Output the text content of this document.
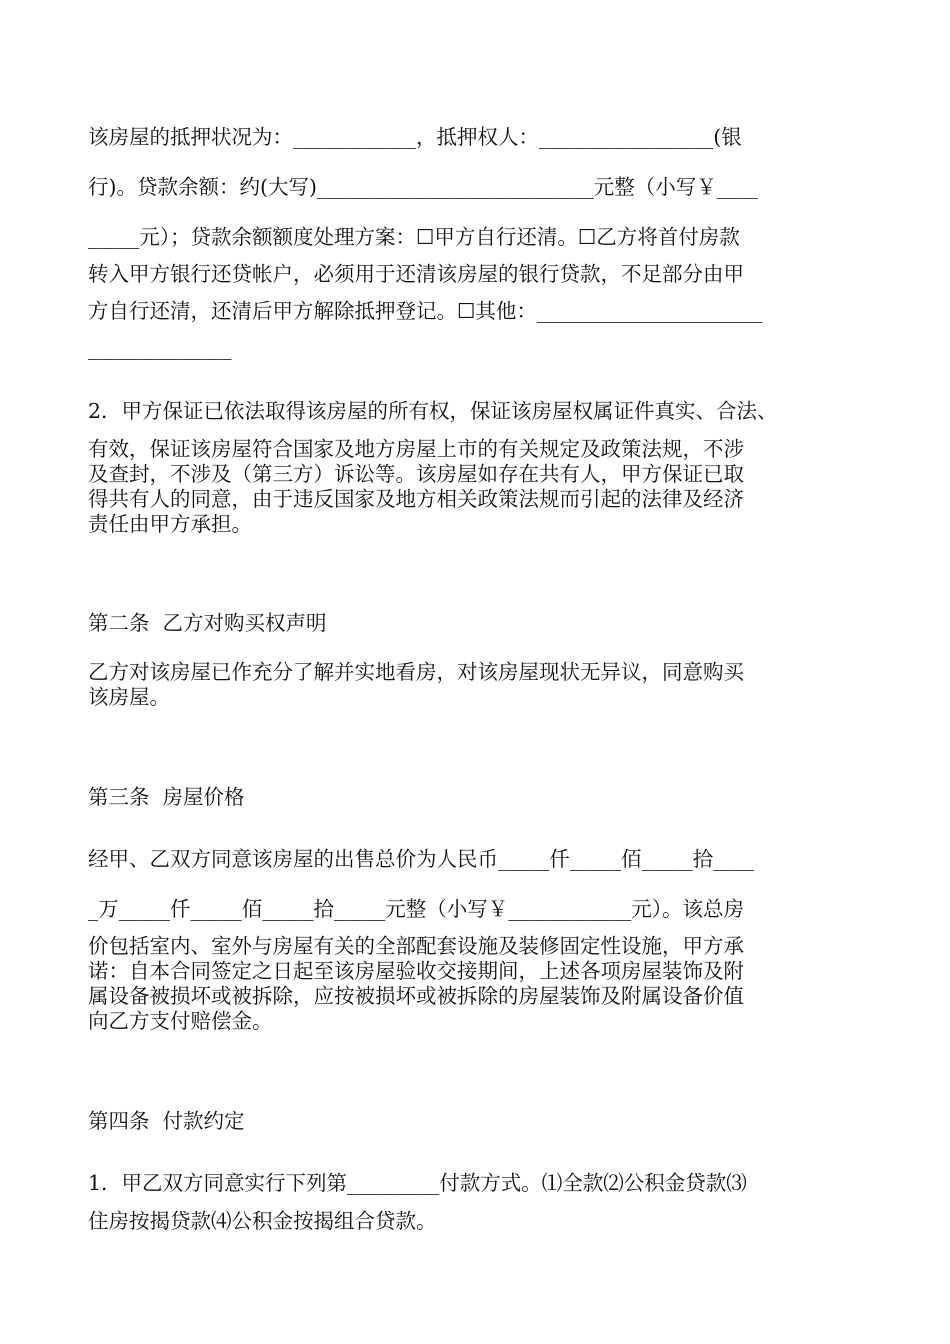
该房屋的抵押状况为：____________，抵押权人：_________________(银
行)。贷款余额：约(大写)___________________________元整（小写￥____
_____元）；贷款余额额度处理方案：☐甲方自行还清。☐乙方将首付房款
转入甲方银行还贷帐户，必须用于还清该房屋的银行贷款，不足部分由甲
方自行还清，还清后甲方解除抵押登记。☐其他：______________________
______________
2．甲方保证已依法取得该房屋的所有权，保证该房屋权属证件真实、合法、
有效，保证该房屋符合国家及地方房屋上市的有关规定及政策法规，不涉
及查封，不涉及（第三方）诉讼等。该房屋如存在共有人，甲方保证已取
得共有人的同意，由于违反国家及地方相关政策法规而引起的法律及经济
责任由甲方承担。
第二条  乙方对购买权声明
乙方对该房屋已作充分了解并实地看房，对该房屋现状无异议，同意购买
该房屋。
第三条  房屋价格
经甲、乙双方同意该房屋的出售总价为人民币_____仟_____佰_____拾____
_万_____仟_____佰_____拾_____元整（小写￥____________元）。该总房
价包括室内、室外与房屋有关的全部配套设施及装修固定性设施，甲方承
诺：自本合同签定之日起至该房屋验收交接期间，上述各项房屋装饰及附
属设备被损坏或被拆除，应按被损坏或被拆除的房屋装饰及附属设备价值
向乙方支付赔偿金。
第四条  付款约定
1．甲乙双方同意实行下列第_________付款方式。⑴全款⑵公积金贷款⑶
住房按揭贷款⑷公积金按揭组合贷款。
